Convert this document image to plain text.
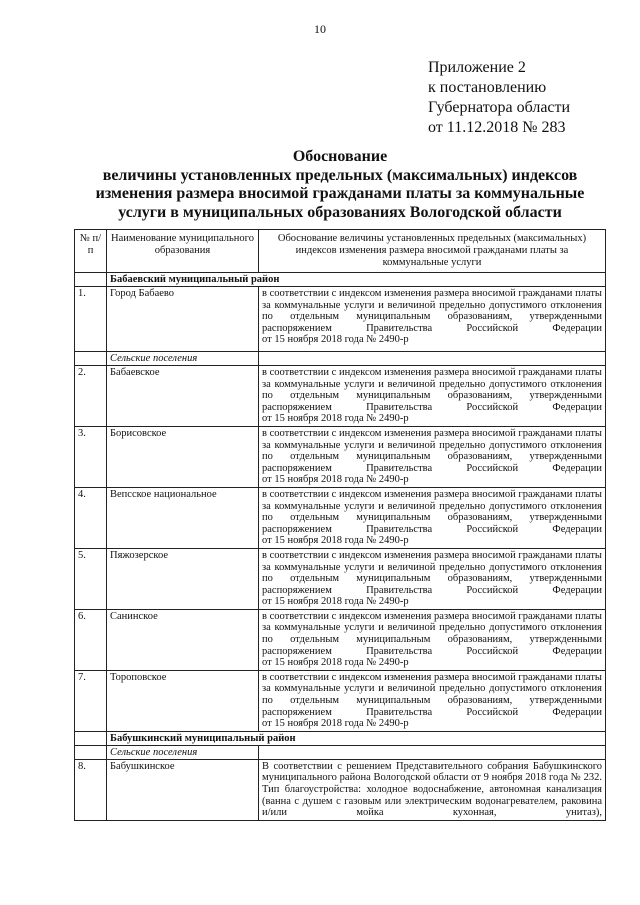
10
Приложение 2
к постановлению
Губернатора области
от 11.12.2018 № 283
Обоснование
величины установленных предельных (максимальных) индексов
изменения размера вносимой гражданами платы за коммунальные
услуги в муниципальных образованиях Вологодской области
№ п/п	Наименование муниципального образования	Обоснование величины установленных предельных (максимальных) индексов изменения размера вносимой гражданами платы за коммунальные услуги
	Бабаевский муниципальный район	
1.	Город Бабаево	в соответствии с индексом изменения размера вносимой гражданами платы за коммунальные услуги и величиной предельно допустимого отклонения по отдельным муниципальным образованиям, утвержденными распоряжением Правительства Российской Федерации
от 15 ноября 2018 года № 2490-р

	Сельские поселения	
2.	Бабаевское	в соответствии с индексом изменения размера вносимой гражданами платы за коммунальные услуги и величиной предельно допустимого отклонения по отдельным муниципальным образованиям, утвержденными распоряжением Правительства Российской Федерации
от 15 ноября 2018 года № 2490-р

3.	Борисовское	в соответствии с индексом изменения размера вносимой гражданами платы за коммунальные услуги и величиной предельно допустимого отклонения по отдельным муниципальным образованиям, утвержденными распоряжением Правительства Российской Федерации
от 15 ноября 2018 года № 2490-р

4.	Вепсское национальное	в соответствии с индексом изменения размера вносимой гражданами платы за коммунальные услуги и величиной предельно допустимого отклонения по отдельным муниципальным образованиям, утвержденными распоряжением Правительства Российской Федерации
от 15 ноября 2018 года № 2490-р

5.	Пяжозерское	в соответствии с индексом изменения размера вносимой гражданами платы за коммунальные услуги и величиной предельно допустимого отклонения по отдельным муниципальным образованиям, утвержденными распоряжением Правительства Российской Федерации
от 15 ноября 2018 года № 2490-р

6.	Санинское	в соответствии с индексом изменения размера вносимой гражданами платы за коммунальные услуги и величиной предельно допустимого отклонения по отдельным муниципальным образованиям, утвержденными распоряжением Правительства Российской Федерации
от 15 ноября 2018 года № 2490-р

7.	Тороповское	в соответствии с индексом изменения размера вносимой гражданами платы за коммунальные услуги и величиной предельно допустимого отклонения по отдельным муниципальным образованиям, утвержденными распоряжением Правительства Российской Федерации
от 15 ноября 2018 года № 2490-р

	Бабушкинский муниципальный район	
	Сельские поселения	
8.	Бабушкинское	В соответствии с решением Представительного собрания Бабушкинского муниципального района Вологодской области от 9 ноября 2018 года № 232. Тип благоустройства: холодное водоснабжение, автономная канализация (ванна с душем с газовым или электрическим водонагревателем, раковина и/или мойка кухонная, унитаз),
